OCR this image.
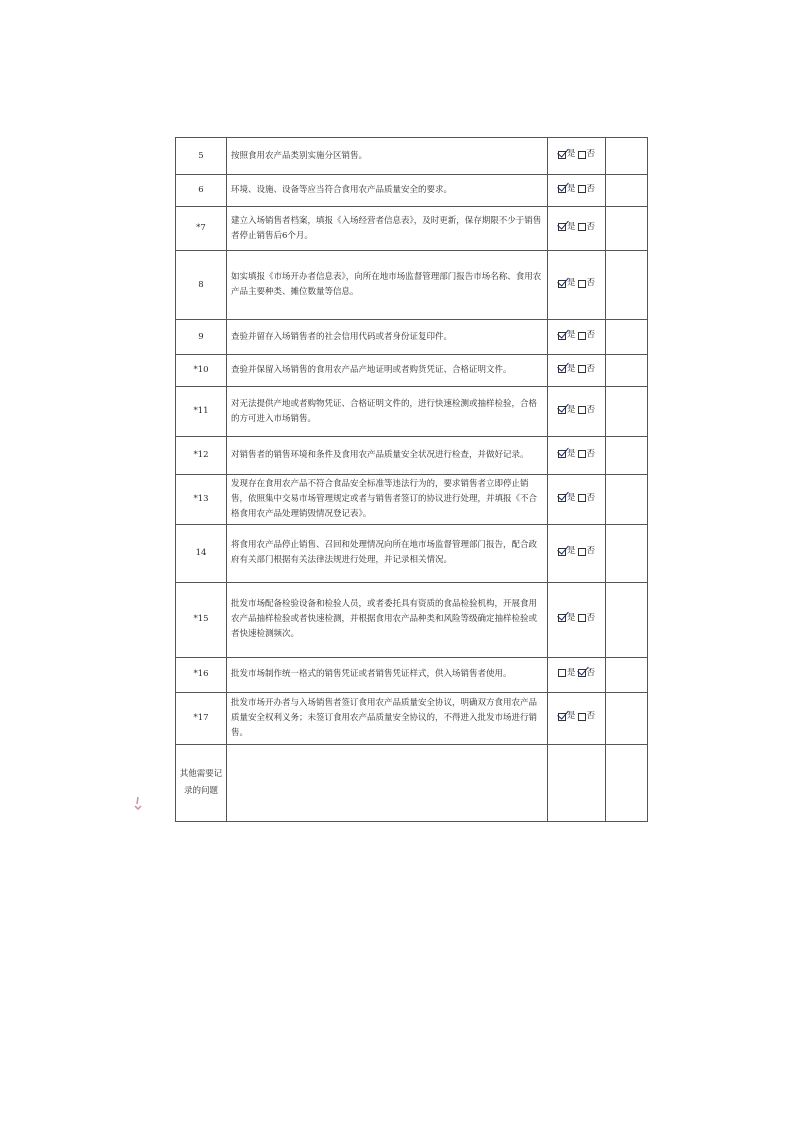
5	按照食用农产品类别实施分区销售。	是 否	

6	环境、设施、设备等应当符合食用农产品质量安全的要求。	是 否	

*7	建立入场销售者档案，填报《入场经营者信息表》，及时更新，保存期限不少于销售者停止销售后6个月。	是 否	

8	如实填报《市场开办者信息表》，向所在地市场监督管理部门报告市场名称、食用农产品主要种类、摊位数量等信息。	是 否	

9	查验并留存入场销售者的社会信用代码或者身份证复印件。	是 否	

*10	查验并保留入场销售的食用农产品产地证明或者购货凭证、合格证明文件。	是 否	

*11	对无法提供产地或者购物凭证、合格证明文件的，进行快速检测或抽样检验，合格的方可进入市场销售。	是 否	

*12	对销售者的销售环境和条件及食用农产品质量安全状况进行检查，并做好记录。	是 否	

*13	发现存在食用农产品不符合食品安全标准等违法行为的，要求销售者立即停止销售，依照集中交易市场管理规定或者与销售者签订的协议进行处理，并填报《不合格食用农产品处理销毁情况登记表》。	是 否	

14	将食用农产品停止销售、召回和处理情况向所在地市场监督管理部门报告，配合政府有关部门根据有关法律法规进行处理，并记录相关情况。	是 否	

*15	批发市场配备检验设备和检验人员，或者委托具有资质的食品检验机构，开展食用农产品抽样检验或者快速检测，并根据食用农产品种类和风险等级确定抽样检验或者快速检测频次。	是 否	

*16	批发市场制作统一格式的销售凭证或者销售凭证样式，供入场销售者使用。	是 否	

*17	批发市场开办者与入场销售者签订食用农产品质量安全协议，明确双方食用农产品质量安全权利义务；未签订食用农产品质量安全协议的，不得进入批发市场进行销售。	是 否	

其他需要记录的问题			
